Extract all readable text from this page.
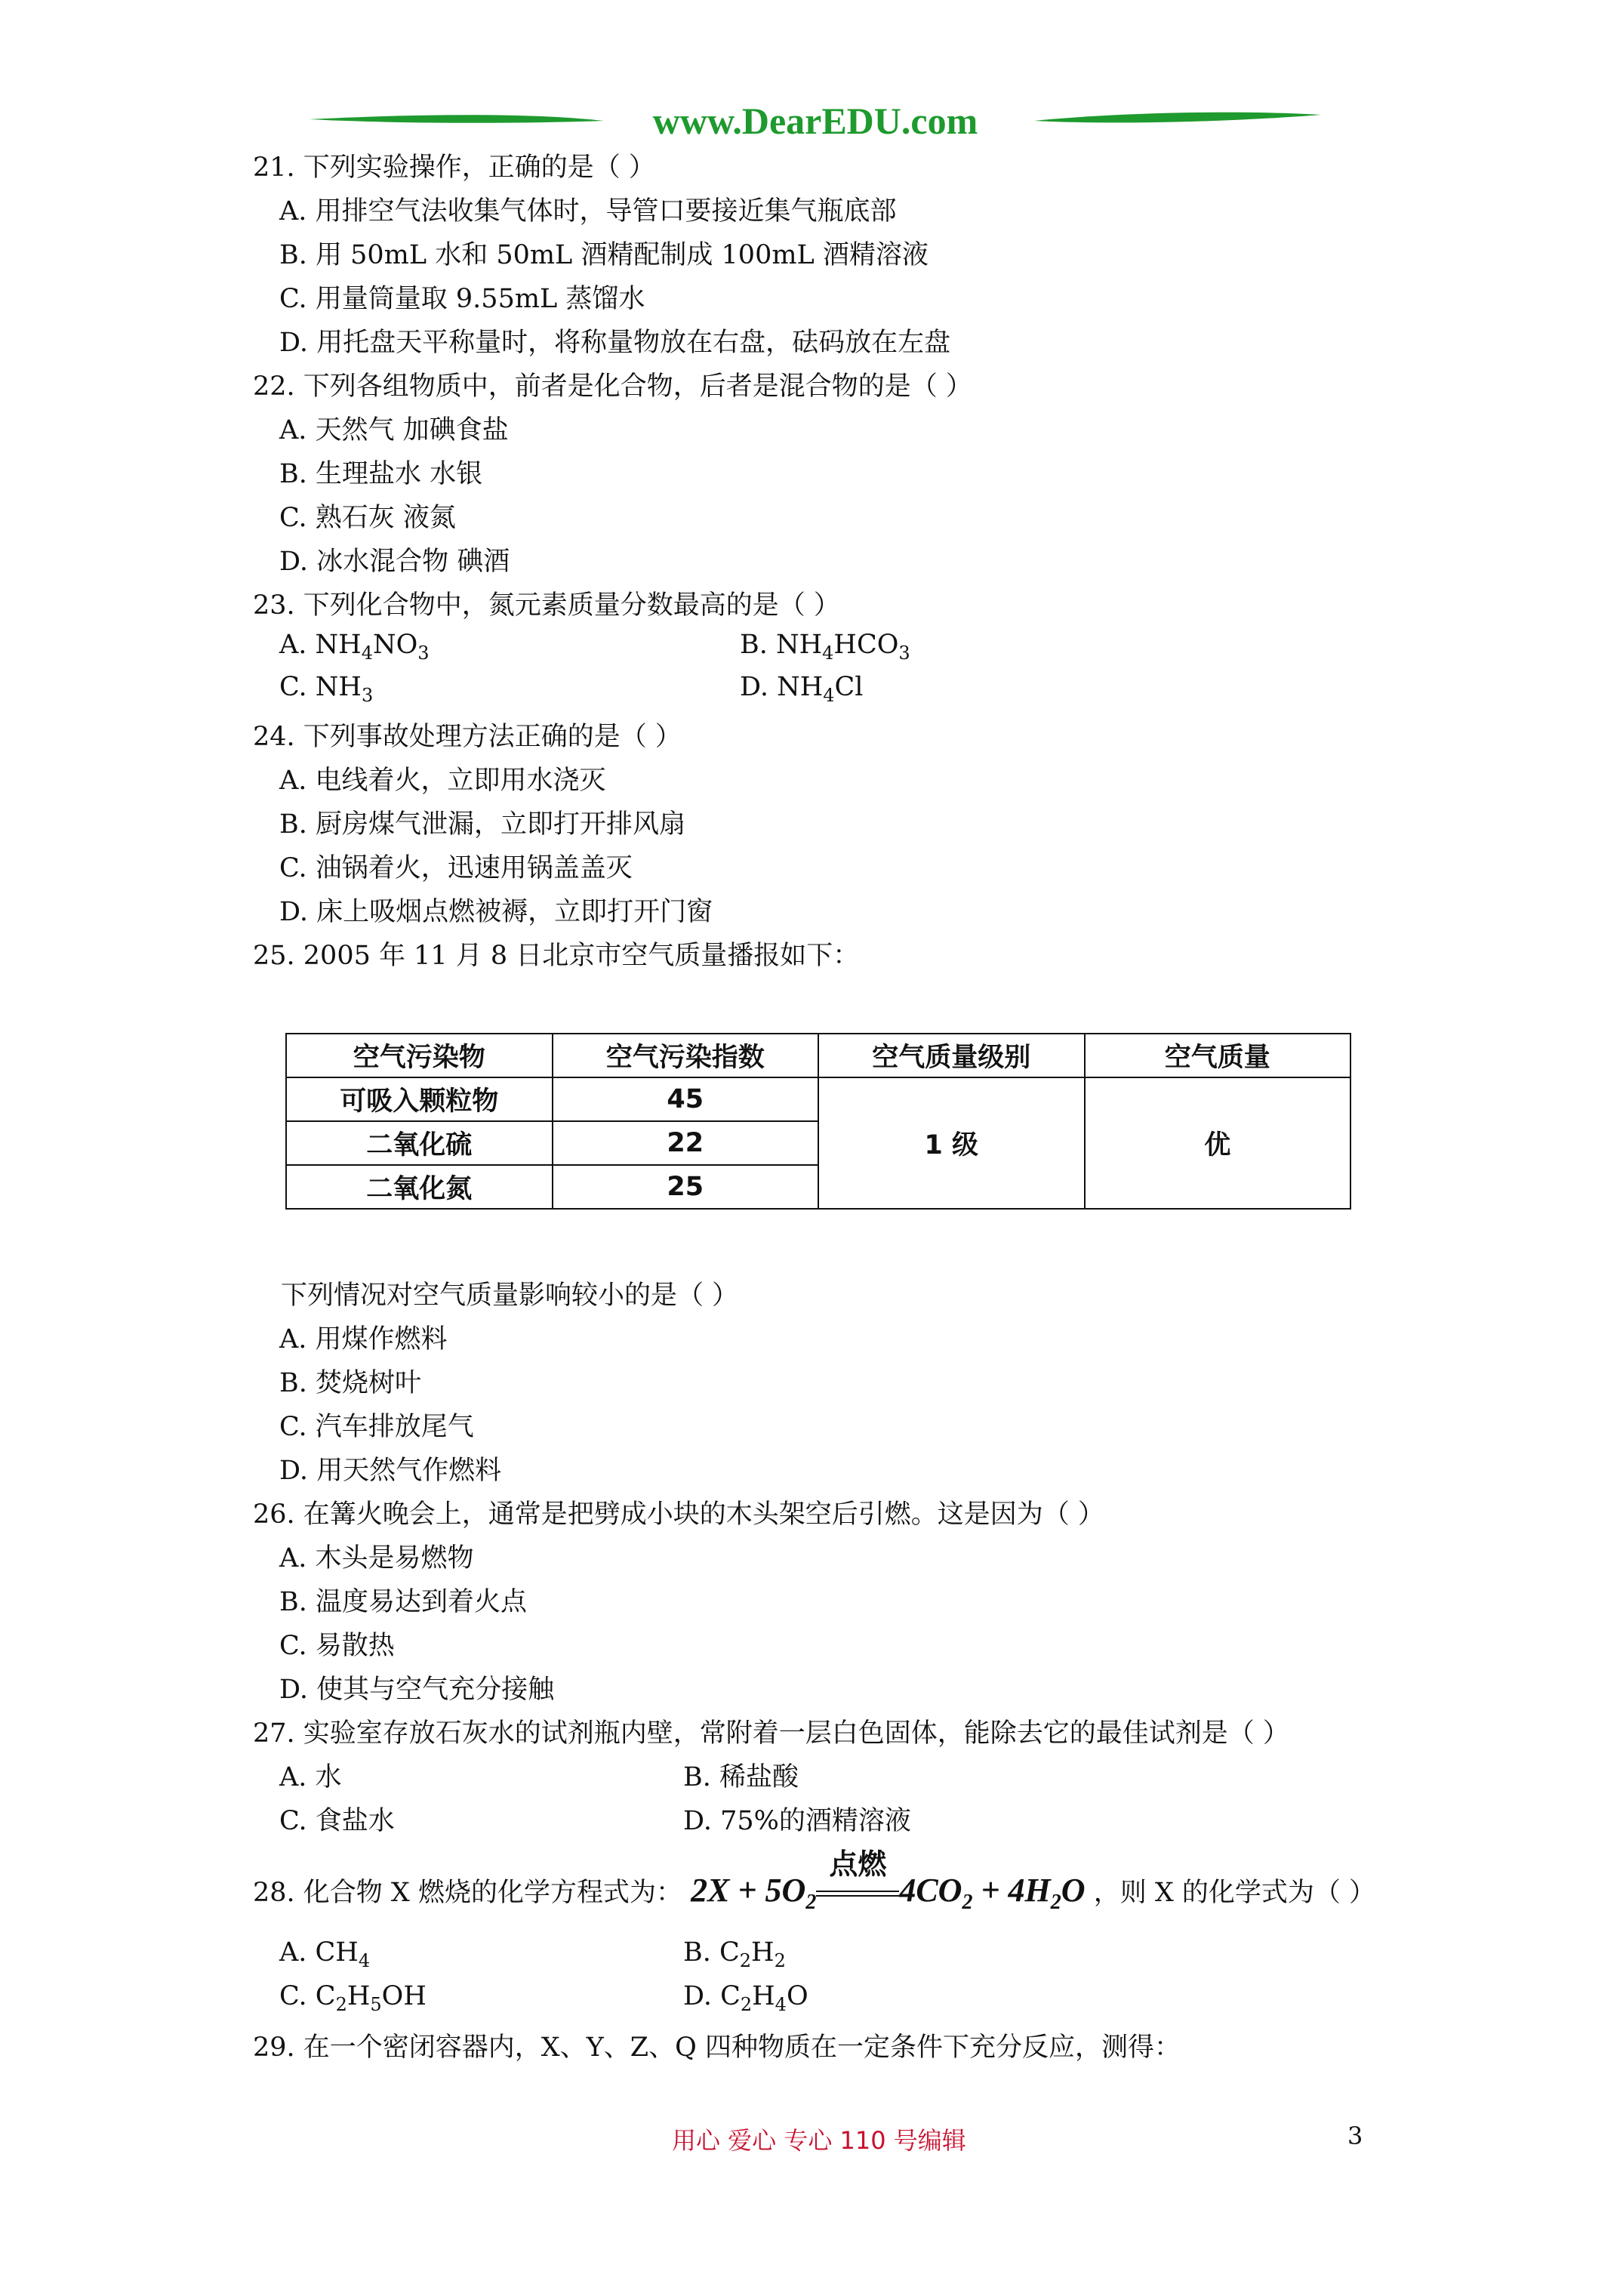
www.DearEDU.com
21. 下列实验操作，正确的是（ ）
A. 用排空气法收集气体时，导管口要接近集气瓶底部
B. 用 50mL 水和 50mL 酒精配制成 100mL 酒精溶液
C. 用量筒量取 9.55mL 蒸馏水
D. 用托盘天平称量时，将称量物放在右盘，砝码放在左盘
22. 下列各组物质中，前者是化合物，后者是混合物的是（ ）
A. 天然气 加碘食盐
B. 生理盐水 水银
C. 熟石灰 液氮
D. 冰水混合物 碘酒
23. 下列化合物中，氮元素质量分数最高的是（ ）
A. $NH_4NO_3$	B. $NH_4HCO_3$
C. $NH_3$	D. $NH_4Cl$
24. 下列事故处理方法正确的是（ ）
A. 电线着火，立即用水浇灭
B. 厨房煤气泄漏，立即打开排风扇
C. 油锅着火，迅速用锅盖盖灭
D. 床上吸烟点燃被褥，立即打开门窗
25. 2005 年 11 月 8 日北京市空气质量播报如下：
空气污染物	空气污染指数	空气质量级别	空气质量
可吸入颗粒物	45	1 级	优
二氧化硫	22		
二氧化氮	25		
下列情况对空气质量影响较小的是（ ）
A. 用煤作燃料
B. 焚烧树叶
C. 汽车排放尾气
D. 用天然气作燃料
26. 在篝火晚会上，通常是把劈成小块的木头架空后引燃。这是因为（ ）
A. 木头是易燃物
B. 温度易达到着火点
C. 易散热
D. 使其与空气充分接触
27. 实验室存放石灰水的试剂瓶内壁，常附着一层白色固体，能除去它的最佳试剂是（ ）
A. 水	B. 稀盐酸
C. 食盐水	D. 75%的酒精溶液
28. 化合物 X 燃烧的化学方程式为： $2X + 5O_2$
点燃
$4CO_2 + 4H_2O$ ，则 X 的化学式为（ ）
A. $CH_4$	B. $C_2H_2$
C. $C_2H_5OH$	D. $C_2H_4O$
29. 在一个密闭容器内，X、Y、Z、Q 四种物质在一定条件下充分反应，测得：
用心 爱心 专心 110 号编辑	3
